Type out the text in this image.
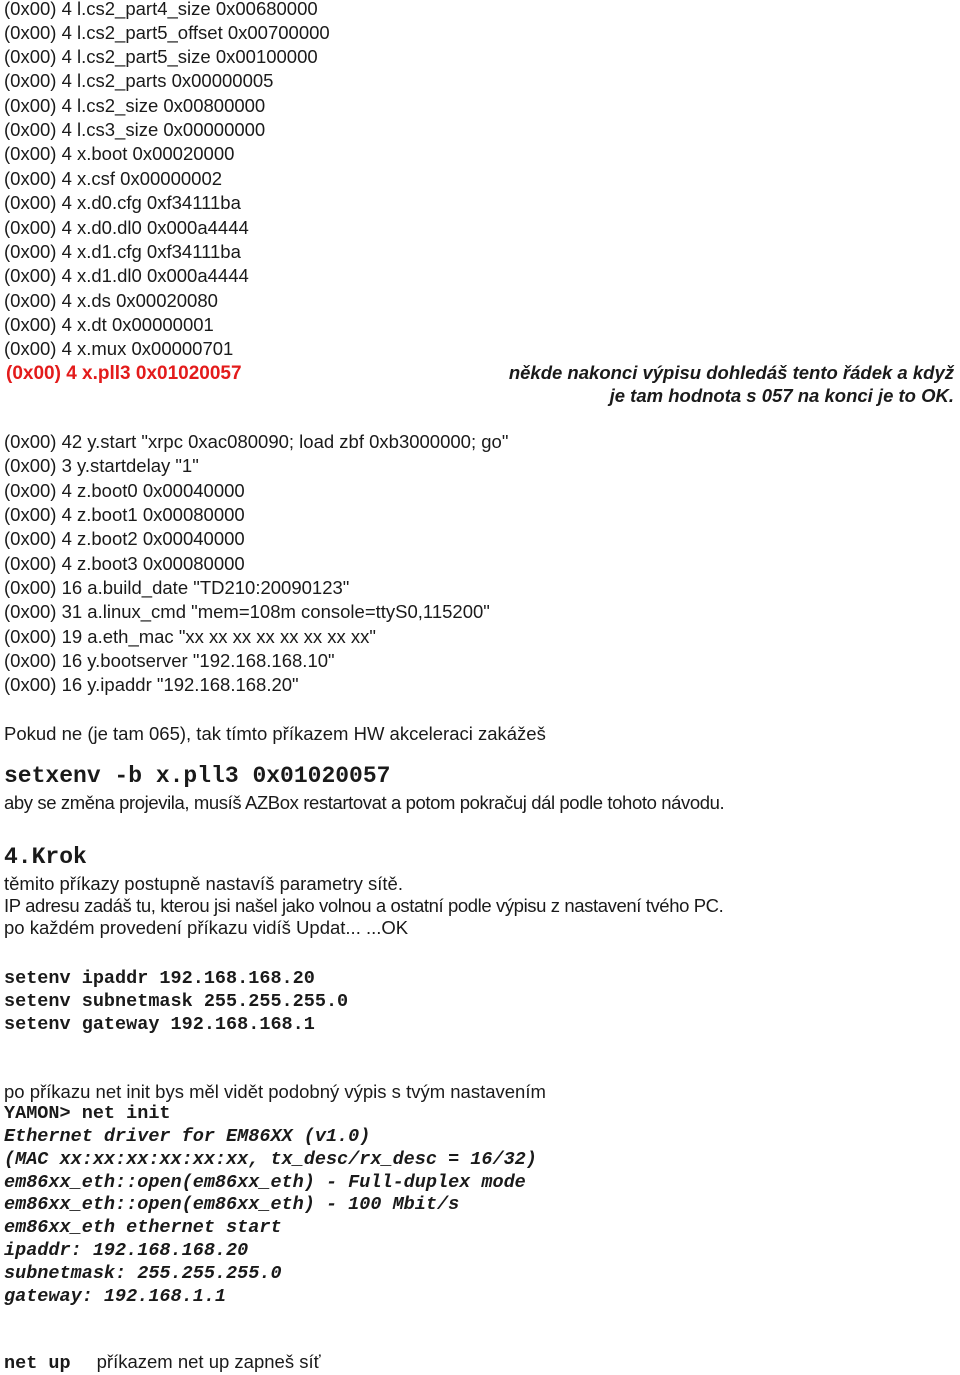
(0x00) 4 l.cs2_part4_size 0x00680000
(0x00) 4 l.cs2_part5_offset 0x00700000
(0x00) 4 l.cs2_part5_size 0x00100000
(0x00) 4 l.cs2_parts 0x00000005
(0x00) 4 l.cs2_size 0x00800000
(0x00) 4 l.cs3_size 0x00000000
(0x00) 4 x.boot 0x00020000
(0x00) 4 x.csf 0x00000002
(0x00) 4 x.d0.cfg 0xf34111ba
(0x00) 4 x.d0.dl0 0x000a4444
(0x00) 4 x.d1.cfg 0xf34111ba
(0x00) 4 x.d1.dl0 0x000a4444
(0x00) 4 x.ds 0x00020080
(0x00) 4 x.dt 0x00000001
(0x00) 4 x.mux 0x00000701
(0x00) 4 x.pll3 0x01020057	někde nakonci výpisu dohledáš tento řádek a když
je tam hodnota s 057 na konci je to OK.
(0x00) 42 y.start "xrpc 0xac080090; load zbf 0xb3000000; go"
(0x00) 3 y.startdelay "1"
(0x00) 4 z.boot0 0x00040000
(0x00) 4 z.boot1 0x00080000
(0x00) 4 z.boot2 0x00040000
(0x00) 4 z.boot3 0x00080000
(0x00) 16 a.build_date "TD210:20090123"
(0x00) 31 a.linux_cmd "mem=108m console=ttyS0,115200"
(0x00) 19 a.eth_mac "xx xx xx xx xx xx xx xx"
(0x00) 16 y.bootserver "192.168.168.10"
(0x00) 16 y.ipaddr "192.168.168.20"
Pokud ne (je tam 065), tak tímto příkazem HW akceleraci zakážeš
setxenv -b x.pll3 0x01020057
aby se změna projevila, musíš AZBox restartovat a potom pokračuj dál podle tohoto návodu.
4.Krok
těmito příkazy postupně nastavíš parametry sítě.
IP adresu zadáš tu, kterou jsi našel jako volnou a ostatní podle výpisu z nastavení tvého PC.
po každém provedení příkazu vidíš Updat... ...OK
setenv ipaddr 192.168.168.20
setenv subnetmask 255.255.255.0
setenv gateway 192.168.168.1
po příkazu net init bys měl vidět podobný výpis s tvým nastavením
YAMON> net init
Ethernet driver for EM86XX (v1.0)
(MAC xx:xx:xx:xx:xx:xx, tx_desc/rx_desc = 16/32)
em86xx_eth::open(em86xx_eth) - Full-duplex mode
em86xx_eth::open(em86xx_eth) - 100 Mbit/s
em86xx_eth ethernet start
ipaddr: 192.168.168.20
subnetmask: 255.255.255.0
gateway: 192.168.1.1
net up příkazem net up zapneš síť
